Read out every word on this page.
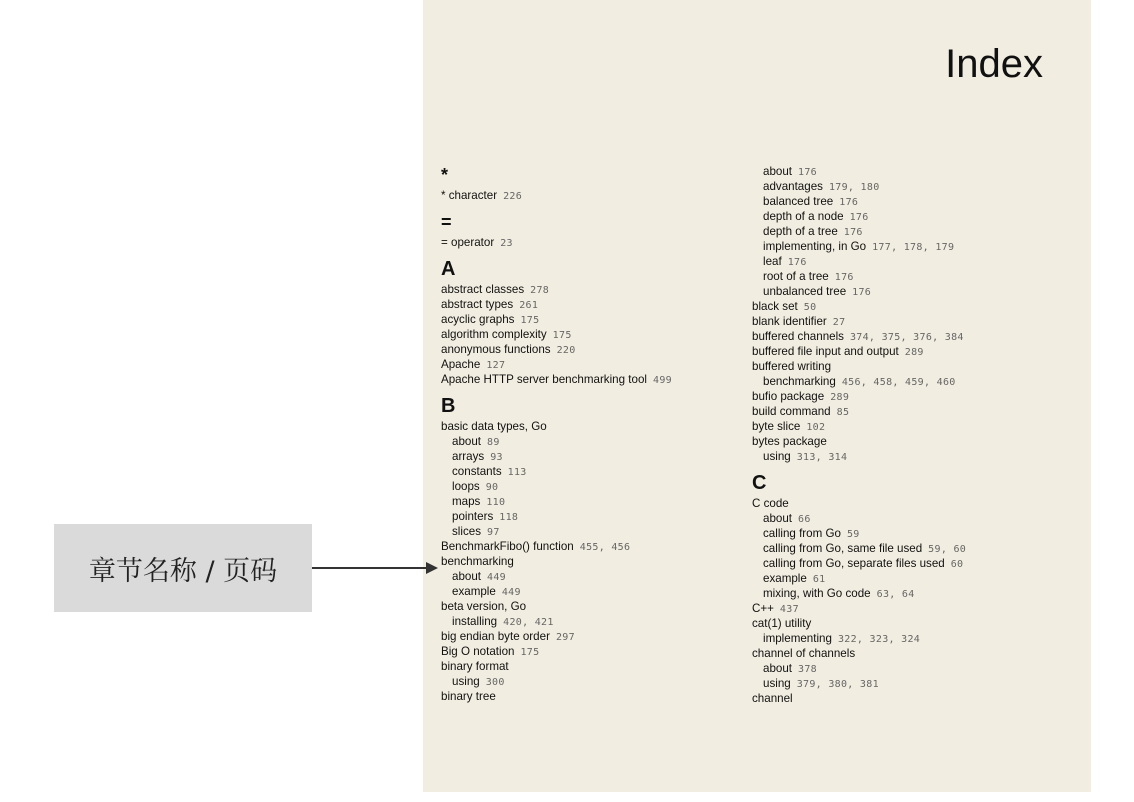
Index
*
* character 226
=
= operator 23
A
abstract classes 278
abstract types 261
acyclic graphs 175
algorithm complexity 175
anonymous functions 220
Apache 127
Apache HTTP server benchmarking tool 499
B
basic data types, Go
about 89
arrays 93
constants 113
loops 90
maps 110
pointers 118
slices 97
BenchmarkFibo() function 455, 456
benchmarking
about 449
example 449
beta version, Go
installing 420, 421
big endian byte order 297
Big O notation 175
binary format
using 300
binary tree
about 176
advantages 179, 180
balanced tree 176
depth of a node 176
depth of a tree 176
implementing, in Go 177, 178, 179
leaf 176
root of a tree 176
unbalanced tree 176
black set 50
blank identifier 27
buffered channels 374, 375, 376, 384
buffered file input and output 289
buffered writing
benchmarking 456, 458, 459, 460
bufio package 289
build command 85
byte slice 102
bytes package
using 313, 314
C
C code
about 66
calling from Go 59
calling from Go, same file used 59, 60
calling from Go, separate files used 60
example 61
mixing, with Go code 63, 64
C++ 437
cat(1) utility
implementing 322, 323, 324
channel of channels
about 378
using 379, 380, 381
channel
章节名称 / 页码
